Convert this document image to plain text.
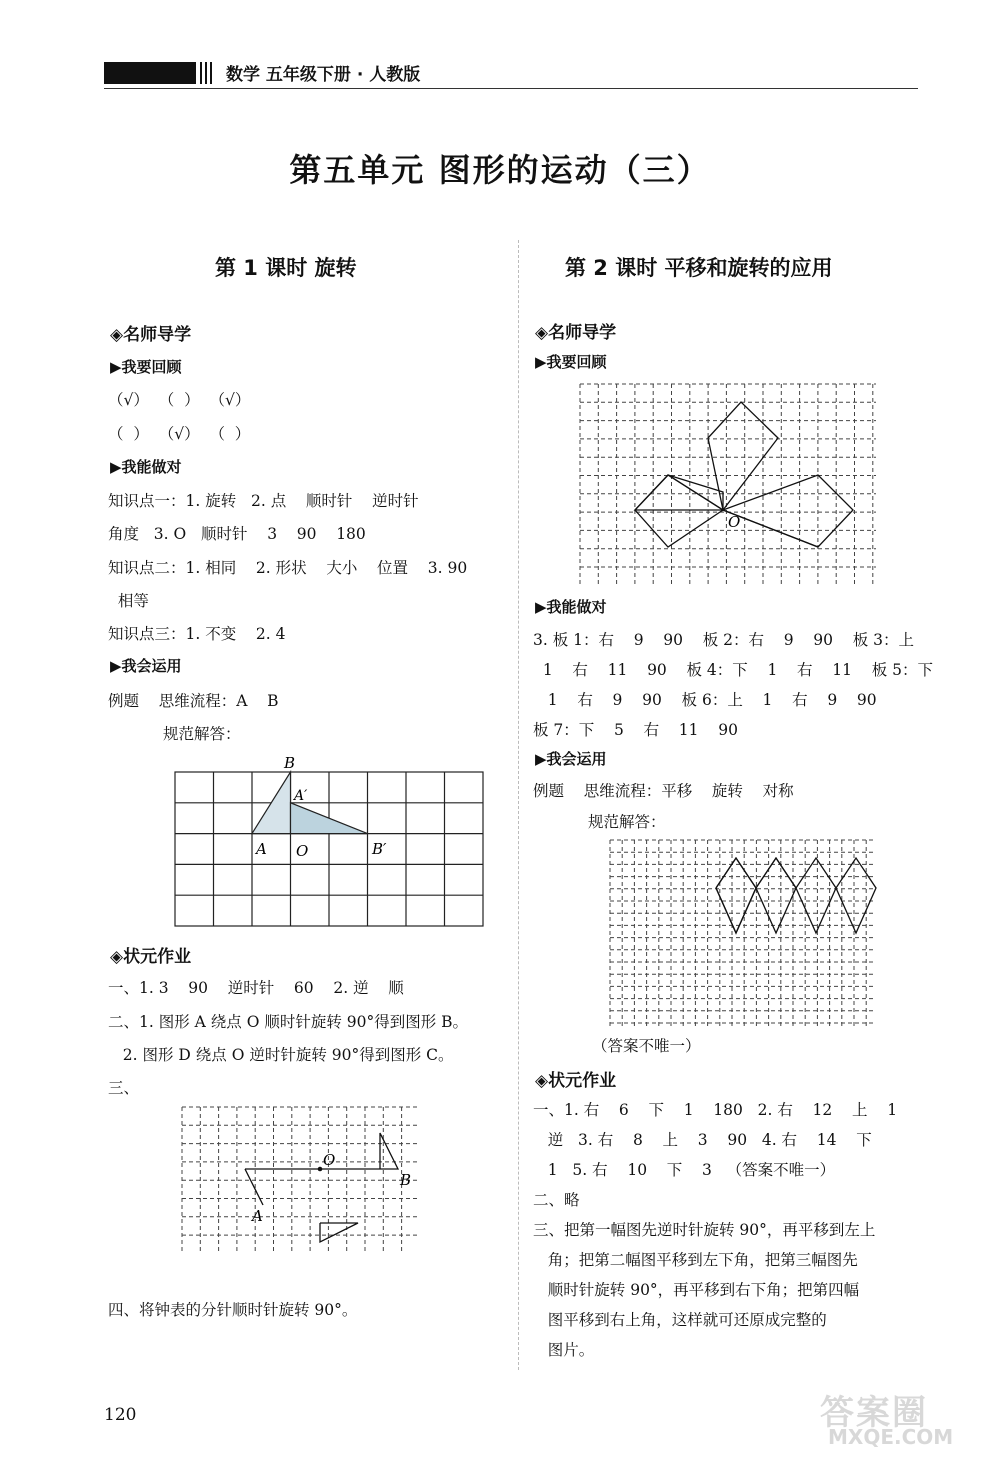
数学 五年级下册 · 人教版
第五单元 图形的运动（三）
第 1 课时 旋转
◈名师导学
▶我要回顾
（√）  （  ）  （√）
（  ）  （√）  （  ）
▶我能做对
知识点一：1. 旋转   2. 点    顺时针    逆时针
角度   3. O   顺时针    3    90    180
知识点二：1. 相同    2. 形状    大小    位置    3. 90
相等
知识点三：1. 不变    2. 4
▶我会运用
例题    思维流程：A    B
规范解答：
B
A′
A O	B′
◈状元作业
一、1. 3    90    逆时针    60    2. 逆    顺
二、1. 图形 A 绕点 O 顺时针旋转 90°得到图形 B。
2. 图形 D 绕点 O 逆时针旋转 90°得到图形 C。
三、
O
A
B
四、将钟表的分针顺时针旋转 90°。
第 2 课时 平移和旋转的应用
◈名师导学
▶我要回顾
O
▶我能做对
3. 板 1：右    9    90    板 2：右    9    90    板 3：上
1    右    11    90    板 4：下    1    右    11    板 5：下
1    右    9    90    板 6：上    1    右    9    90
板 7：下    5    右    11    90
▶我会运用
例题    思维流程：平移    旋转    对称
规范解答：
（答案不唯一）
◈状元作业
一、1. 右    6    下    1    180   2. 右    12    上    1
逆   3. 右    8    上    3    90   4. 右    14    下
1   5. 右    10    下    3   （答案不唯一）
二、略
三、把第一幅图先逆时针旋转 90°，再平移到左上
角；把第二幅图平移到左下角，把第三幅图先
顺时针旋转 90°，再平移到右下角；把第四幅
图平移到右上角，这样就可还原成完整的
图片。
120	答案圈
MXQE.COM
